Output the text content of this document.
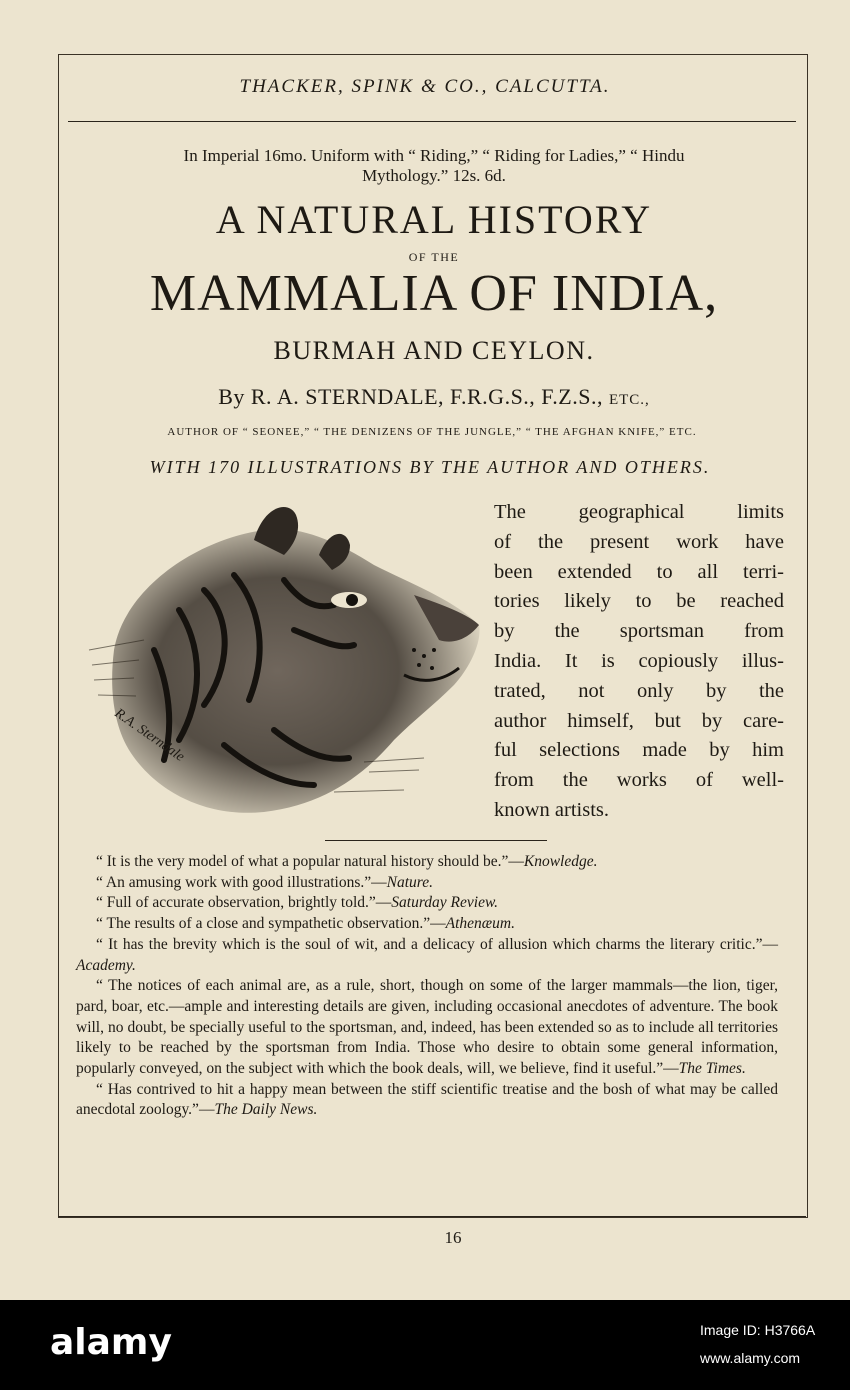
THACKER, SPINK & CO., CALCUTTA.
In Imperial 16mo. Uniform with “ Riding,” “ Riding for Ladies,” “ Hindu
Mythology.” 12s. 6d.
A NATURAL HISTORY
OF THE
MAMMALIA OF INDIA,
BURMAH AND CEYLON.
By R. A. STERNDALE, F.R.G.S., F.Z.S., ETC.,
AUTHOR OF “ SEONEE,” “ THE DENIZENS OF THE JUNGLE,” “ THE AFGHAN KNIFE,” ETC.
WITH 170 ILLUSTRATIONS BY THE AUTHOR AND OTHERS.
R.A. Sterndale
The geographical limits
of the present work have
been extended to all terri-
tories likely to be reached
by the sportsman from
India. It is copiously illus-
trated, not only by the
author himself, but by care-
ful selections made by him
from the works of well-
known artists.

“ It is the very model of what a popular natural history should be.”—Knowledge.

“ An amusing work with good illustrations.”—Nature.

“ Full of accurate observation, brightly told.”—Saturday Review.

“ The results of a close and sympathetic observation.”—Athenæum.

“ It has the brevity which is the soul of wit, and a delicacy of allusion which charms the literary critic.”—Academy.

“ The notices of each animal are, as a rule, short, though on some of the larger mammals—the lion, tiger, pard, boar, etc.—ample and interesting details are given, including occasional anecdotes of adventure. The book will, no doubt, be specially useful to the sportsman, and, indeed, has been extended so as to include all territories likely to be reached by the sportsman from India. Those who desire to obtain some general information, popularly conveyed, on the subject with which the book deals, will, we believe, find it useful.”—The Times.

“ Has contrived to hit a happy mean between the stiff scientific treatise and the bosh of what may be called anecdotal zoology.”—The Daily News.

16
alamy	Image ID: H3766A
www.alamy.com
